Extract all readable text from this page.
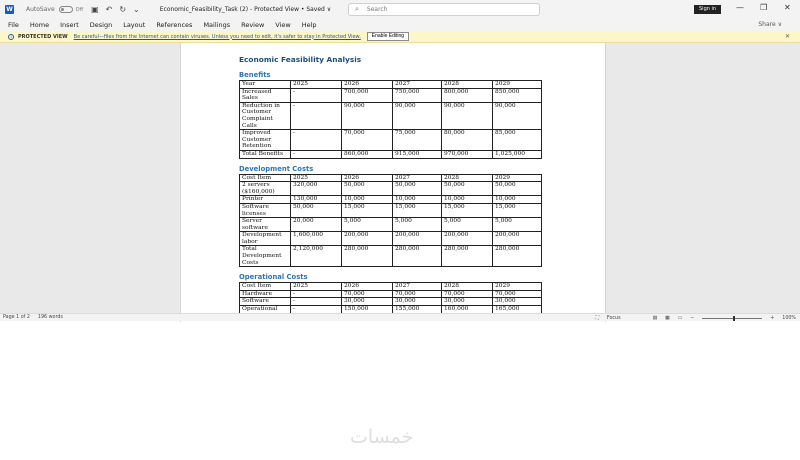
W AutoSave	Off ▣ ↶ ↻ ⌄	Economic_Feasibility_Task (2) - Protected View • Saved ∨	⌕ Search	Sign in	— ❐ ✕
File Home Insert Design Layout References Mailings Review View Help	Share ∨
i	PROTECTED VIEW Be careful—files from the Internet can contain viruses. Unless you need to edit, it's safer to stay in Protected View.	Enable Editing	✕
Economic Feasibility Analysis
Benefits
Year	2025	2026	2027	2028	2029
Increased Sales	-	700,000	750,000	800,000	850,000
Reduction in Customer Complaint Calls	-	90,000	90,000	90,000	90,000
Improved Customer Retention	-	70,000	75,000	80,000	85,000
Total Benefits	-	860,000	915,000	970,000	1,025,000
Development Costs
Cost Item	2025	2026	2027	2028	2029
2 servers ($160,000)	320,000	50,000	50,000	50,000	50,000
Printer	130,000	10,000	10,000	10,000	10,000
Software licenses	50,000	15,000	15,000	15,000	15,000
Server software	20,000	5,000	5,000	5,000	5,000
Development labor	1,600,000	200,000	200,000	200,000	200,000
Total Development Costs	2,120,000	280,000	280,000	280,000	280,000
Operational Costs
Cost Item	2025	2026	2027	2028	2029
Hardware	-	70,000	70,000	70,000	70,000
Software	-	30,000	30,000	30,000	30,000
Operational	-	150,000	155,000	160,000	165,000
Page 1 of 2 196 words	⛶ Focus	▤ ▦ ▭ −	+ 100%
خمسات
